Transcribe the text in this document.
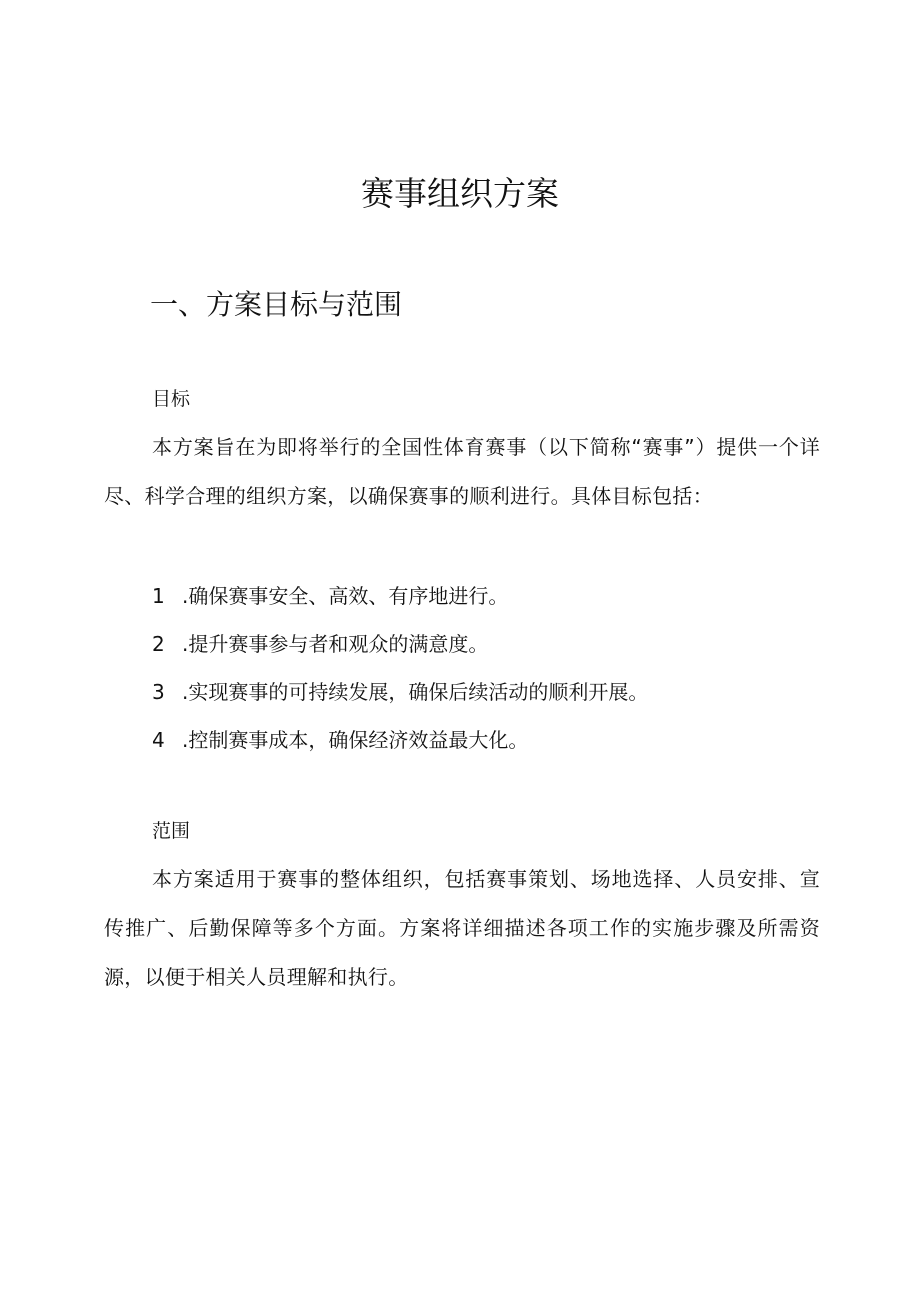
赛事组织方案
一、方案目标与范围

目标

本方案旨在为即将举行的全国性体育赛事（以下简称“赛事”）提供一个详尽、科学合理的组织方案，以确保赛事的顺利进行。具体目标包括：

1 .确保赛事安全、高效、有序地进行。
2 .提升赛事参与者和观众的满意度。
3 .实现赛事的可持续发展，确保后续活动的顺利开展。
4 .控制赛事成本，确保经济效益最大化。

范围

本方案适用于赛事的整体组织，包括赛事策划、场地选择、人员安排、宣传推广、后勤保障等多个方面。方案将详细描述各项工作的实施步骤及所需资源，以便于相关人员理解和执行。
